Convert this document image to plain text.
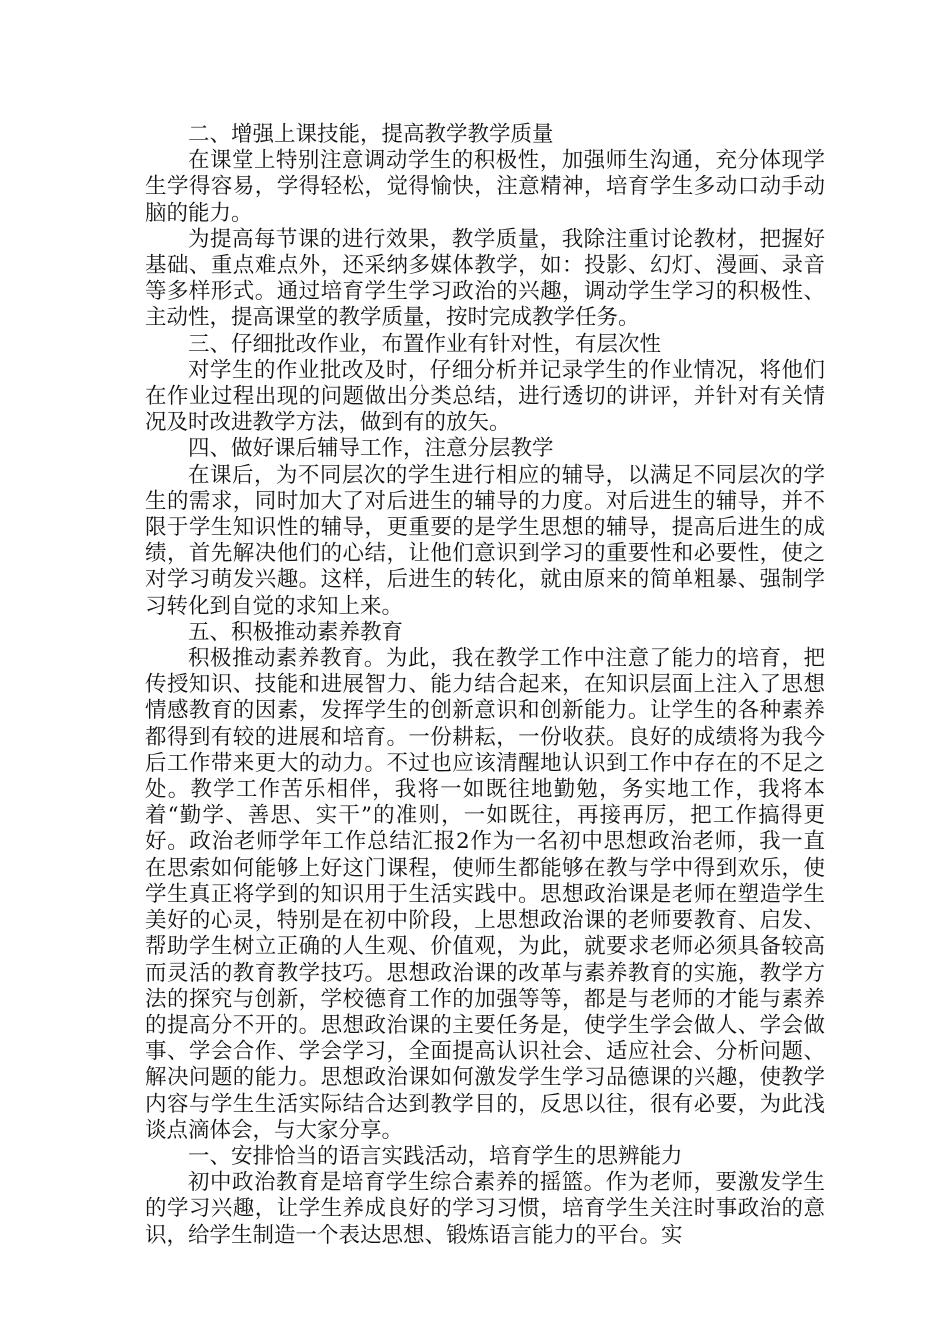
二、增强上课技能，提高教学教学质量

在课堂上特别注意调动学生的积极性，加强师生沟通，充分体现学生学得容易，学得轻松，觉得愉快，注意精神，培育学生多动口动手动脑的能力。

为提高每节课的进行效果，教学质量，我除注重讨论教材，把握好基础、重点难点外，还采纳多媒体教学，如：投影、幻灯、漫画、录音等多样形式。通过培育学生学习政治的兴趣，调动学生学习的积极性、主动性，提高课堂的教学质量，按时完成教学任务。

三、仔细批改作业，布置作业有针对性，有层次性

对学生的作业批改及时，仔细分析并记录学生的作业情况，将他们在作业过程出现的问题做出分类总结，进行透切的讲评，并针对有关情况及时改进教学方法，做到有的放矢。

四、做好课后辅导工作，注意分层教学

在课后，为不同层次的学生进行相应的辅导，以满足不同层次的学生的需求，同时加大了对后进生的辅导的力度。对后进生的辅导，并不限于学生知识性的辅导，更重要的是学生思想的辅导，提高后进生的成绩，首先解决他们的心结，让他们意识到学习的重要性和必要性，使之对学习萌发兴趣。这样，后进生的转化，就由原来的简单粗暴、强制学习转化到自觉的求知上来。

五、积极推动素养教育

积极推动素养教育。为此，我在教学工作中注意了能力的培育，把传授知识、技能和进展智力、能力结合起来，在知识层面上注入了思想情感教育的因素，发挥学生的创新意识和创新能力。让学生的各种素养都得到有较的进展和培育。一份耕耘，一份收获。良好的成绩将为我今后工作带来更大的动力。不过也应该清醒地认识到工作中存在的不足之处。教学工作苦乐相伴，我将一如既往地勤勉，务实地工作，我将本着“勤学、善思、实干”的准则，一如既往，再接再厉，把工作搞得更好。政治老师学年工作总结汇报2作为一名初中思想政治老师，我一直在思索如何能够上好这门课程，使师生都能够在教与学中得到欢乐，使学生真正将学到的知识用于生活实践中。思想政治课是老师在塑造学生美好的心灵，特别是在初中阶段，上思想政治课的老师要教育、启发、帮助学生树立正确的人生观、价值观，为此，就要求老师必须具备较高而灵活的教育教学技巧。思想政治课的改革与素养教育的实施，教学方法的探究与创新，学校德育工作的加强等等，都是与老师的才能与素养的提高分不开的。思想政治课的主要任务是，使学生学会做人、学会做事、学会合作、学会学习，全面提高认识社会、适应社会、分析问题、解决问题的能力。思想政治课如何激发学生学习品德课的兴趣，使教学内容与学生生活实际结合达到教学目的，反思以往，很有必要，为此浅谈点滴体会，与大家分享。

一、安排恰当的语言实践活动，培育学生的思辨能力

初中政治教育是培育学生综合素养的摇篮。作为老师，要激发学生的学习兴趣，让学生养成良好的学习习惯，培育学生关注时事政治的意识，给学生制造一个表达思想、锻炼语言能力的平台。实
